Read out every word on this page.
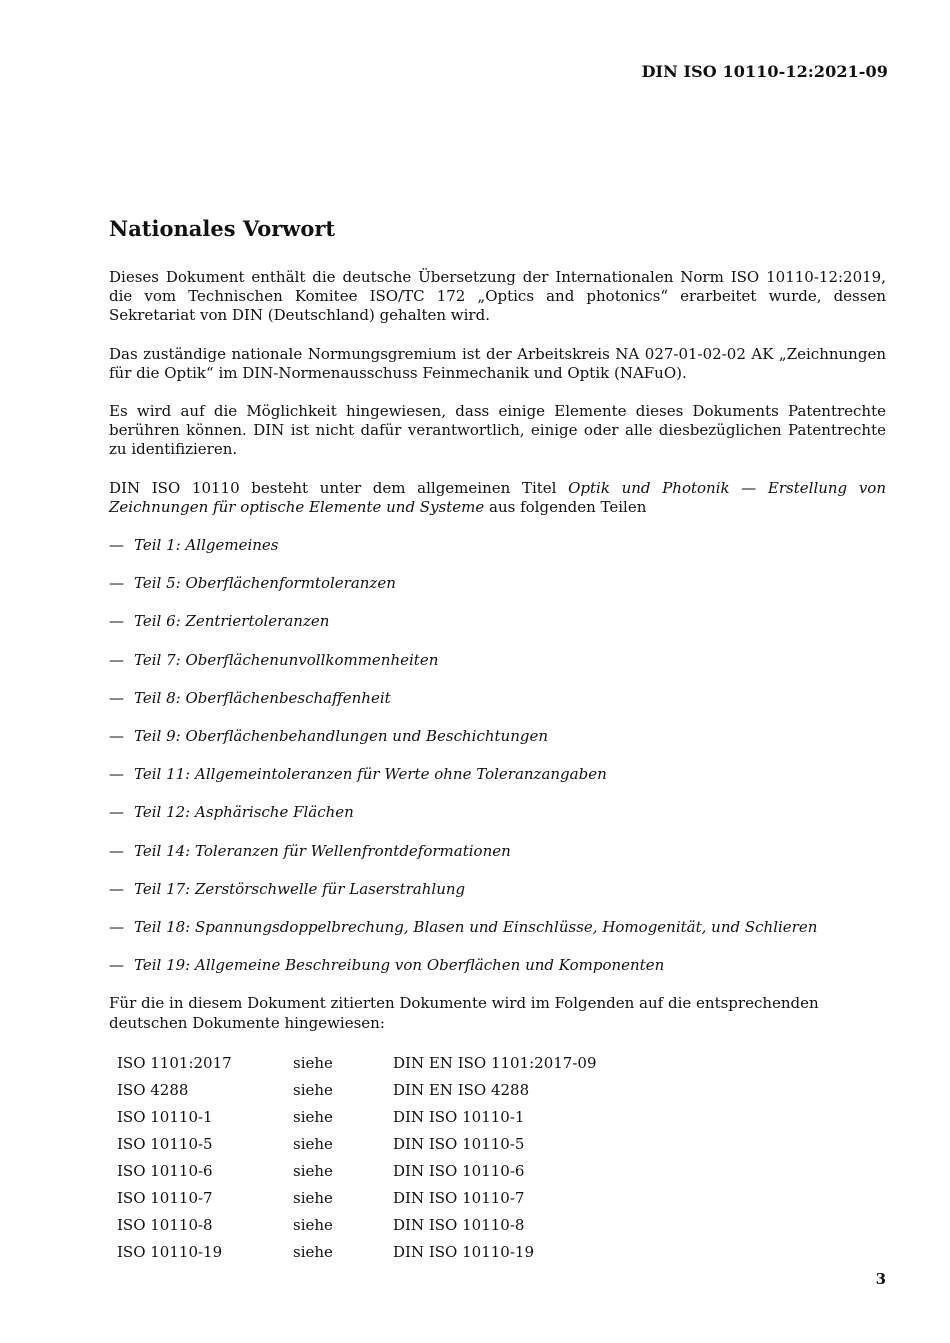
DIN ISO 10110-12:2021-09
Nationales Vorwort

Dieses Dokument enthält die deutsche Übersetzung der Internationalen Norm ISO 10110-12:2019, die vom Technischen Komitee ISO/TC 172 „Optics and photonics“ erarbeitet wurde, dessen Sekretariat von DIN (Deutschland) gehalten wird.

Das zuständige nationale Normungsgremium ist der Arbeitskreis NA 027-01-02-02 AK „Zeichnungen für die Optik“ im DIN-Normenausschuss Feinmechanik und Optik (NAFuO).

Es wird auf die Möglichkeit hingewiesen, dass einige Elemente dieses Dokuments Patentrechte berühren können. DIN ist nicht dafür verantwortlich, einige oder alle diesbezüglichen Patentrechte zu identifizieren.

DIN ISO 10110 besteht unter dem allgemeinen Titel Optik und Photonik — Erstellung von Zeichnungen für optische Elemente und Systeme aus folgenden Teilen

— Teil 1: Allgemeines
— Teil 5: Oberflächenformtoleranzen
— Teil 6: Zentriertoleranzen
— Teil 7: Oberflächenunvollkommenheiten
— Teil 8: Oberflächenbeschaffenheit
— Teil 9: Oberflächenbehandlungen und Beschichtungen
— Teil 11: Allgemeintoleranzen für Werte ohne Toleranzangaben
— Teil 12: Asphärische Flächen
— Teil 14: Toleranzen für Wellenfrontdeformationen
— Teil 17: Zerstörschwelle für Laserstrahlung
— Teil 18: Spannungsdoppelbrechung, Blasen und Einschlüsse, Homogenität, und Schlieren
— Teil 19: Allgemeine Beschreibung von Oberflächen und Komponenten

Für die in diesem Dokument zitierten Dokumente wird im Folgenden auf die entsprechenden deutschen Dokumente hingewiesen:

ISO 1101:2017	siehe	DIN EN ISO 1101:2017-09
ISO 4288	siehe	DIN EN ISO 4288
ISO 10110-1	siehe	DIN ISO 10110-1
ISO 10110-5	siehe	DIN ISO 10110-5
ISO 10110-6	siehe	DIN ISO 10110-6
ISO 10110-7	siehe	DIN ISO 10110-7
ISO 10110-8	siehe	DIN ISO 10110-8
ISO 10110-19	siehe	DIN ISO 10110-19
3
